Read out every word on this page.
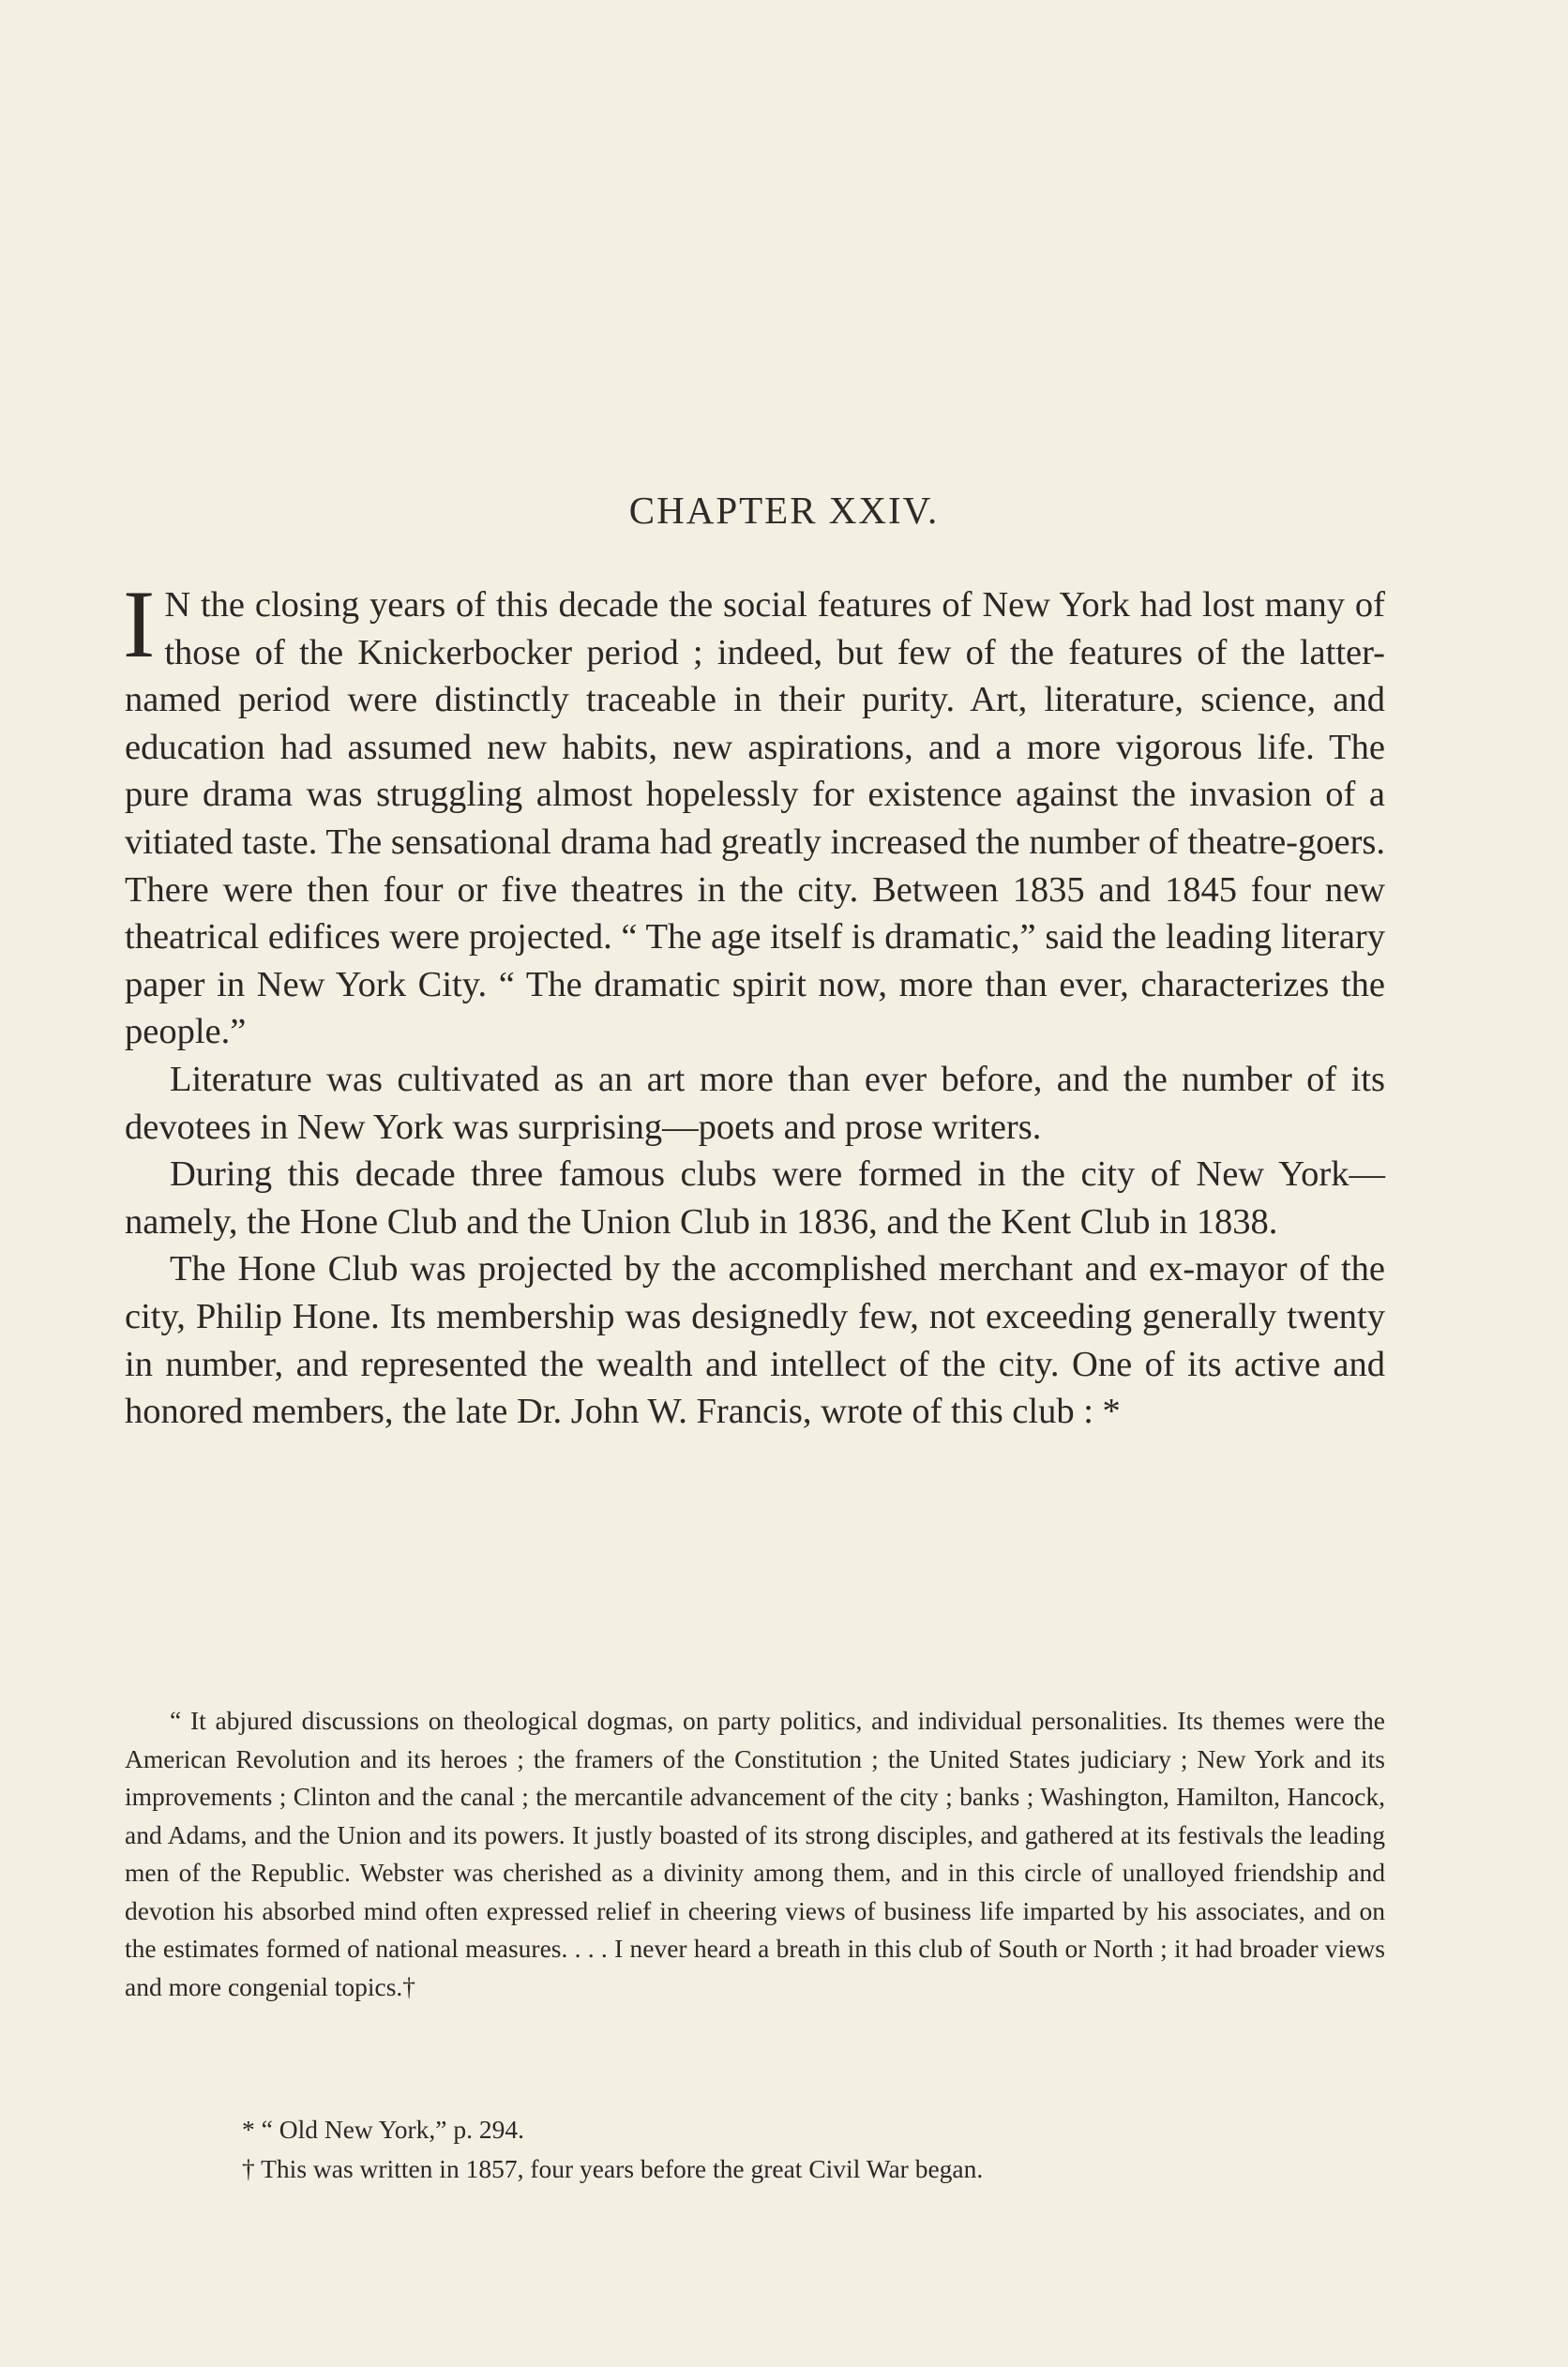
CHAPTER XXIV.

I N the closing years of this decade the social features of New York had lost many of those of the Knickerbocker period ; indeed, but few of the features of the latter-named period were distinctly traceable in their purity. Art, literature, science, and education had assumed new habits, new aspirations, and a more vigorous life. The pure drama was struggling almost hopelessly for existence against the invasion of a vitiated taste. The sensational drama had greatly increased the number of theatre-goers. There were then four or five theatres in the city. Between 1835 and 1845 four new theatrical edifices were projected. “ The age itself is dramatic,” said the leading literary paper in New York City. “ The dramatic spirit now, more than ever, characterizes the people.”

Literature was cultivated as an art more than ever before, and the number of its devotees in New York was surprising—poets and prose writers.

During this decade three famous clubs were formed in the city of New York—namely, the Hone Club and the Union Club in 1836, and the Kent Club in 1838.

The Hone Club was projected by the accomplished merchant and ex-mayor of the city, Philip Hone. Its membership was designedly few, not exceeding generally twenty in number, and represented the wealth and intellect of the city. One of its active and honored members, the late Dr. John W. Francis, wrote of this club : *

“ It abjured discussions on theological dogmas, on party politics, and individual personalities. Its themes were the American Revolution and its heroes ; the framers of the Constitution ; the United States judiciary ; New York and its improvements ; Clinton and the canal ; the mercantile advancement of the city ; banks ; Washington, Hamilton, Hancock, and Adams, and the Union and its powers. It justly boasted of its strong disciples, and gathered at its festivals the leading men of the Republic. Webster was cherished as a divinity among them, and in this circle of unalloyed friendship and devotion his absorbed mind often expressed relief in cheering views of business life imparted by his associates, and on the estimates formed of national measures. . . . I never heard a breath in this club of South or North ; it had broader views and more congenial topics.†

* “ Old New York,” p. 294.

† This was written in 1857, four years before the great Civil War began.
